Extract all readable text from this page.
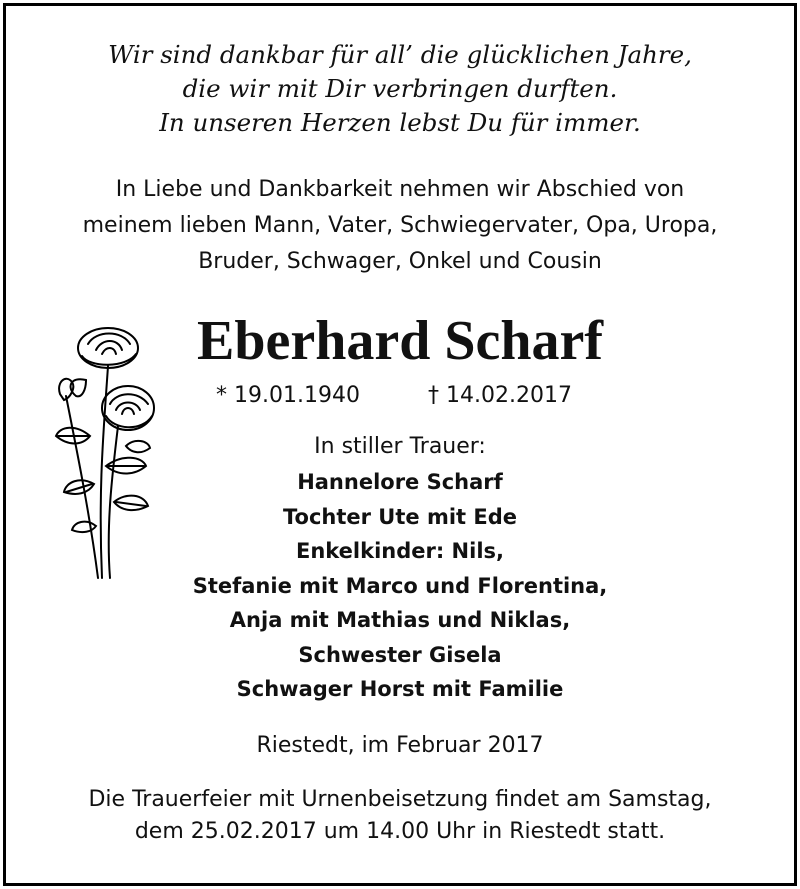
Wir sind dankbar für all’ die glücklichen Jahre,
die wir mit Dir verbringen durften.
In unseren Herzen lebst Du für immer.
In Liebe und Dankbarkeit nehmen wir Abschied von
meinem lieben Mann, Vater, Schwiegervater, Opa, Uropa,
Bruder, Schwager, Onkel und Cousin
Eberhard Scharf
* 19.01.1940	† 14.02.2017
In stiller Trauer:
Hannelore Scharf
Tochter Ute mit Ede
Enkelkinder: Nils,
Stefanie mit Marco und Florentina,
Anja mit Mathias und Niklas,
Schwester Gisela
Schwager Horst mit Familie
Riestedt, im Februar 2017
Die Trauerfeier mit Urnenbeisetzung findet am Samstag,
dem 25.02.2017 um 14.00 Uhr in Riestedt statt.
